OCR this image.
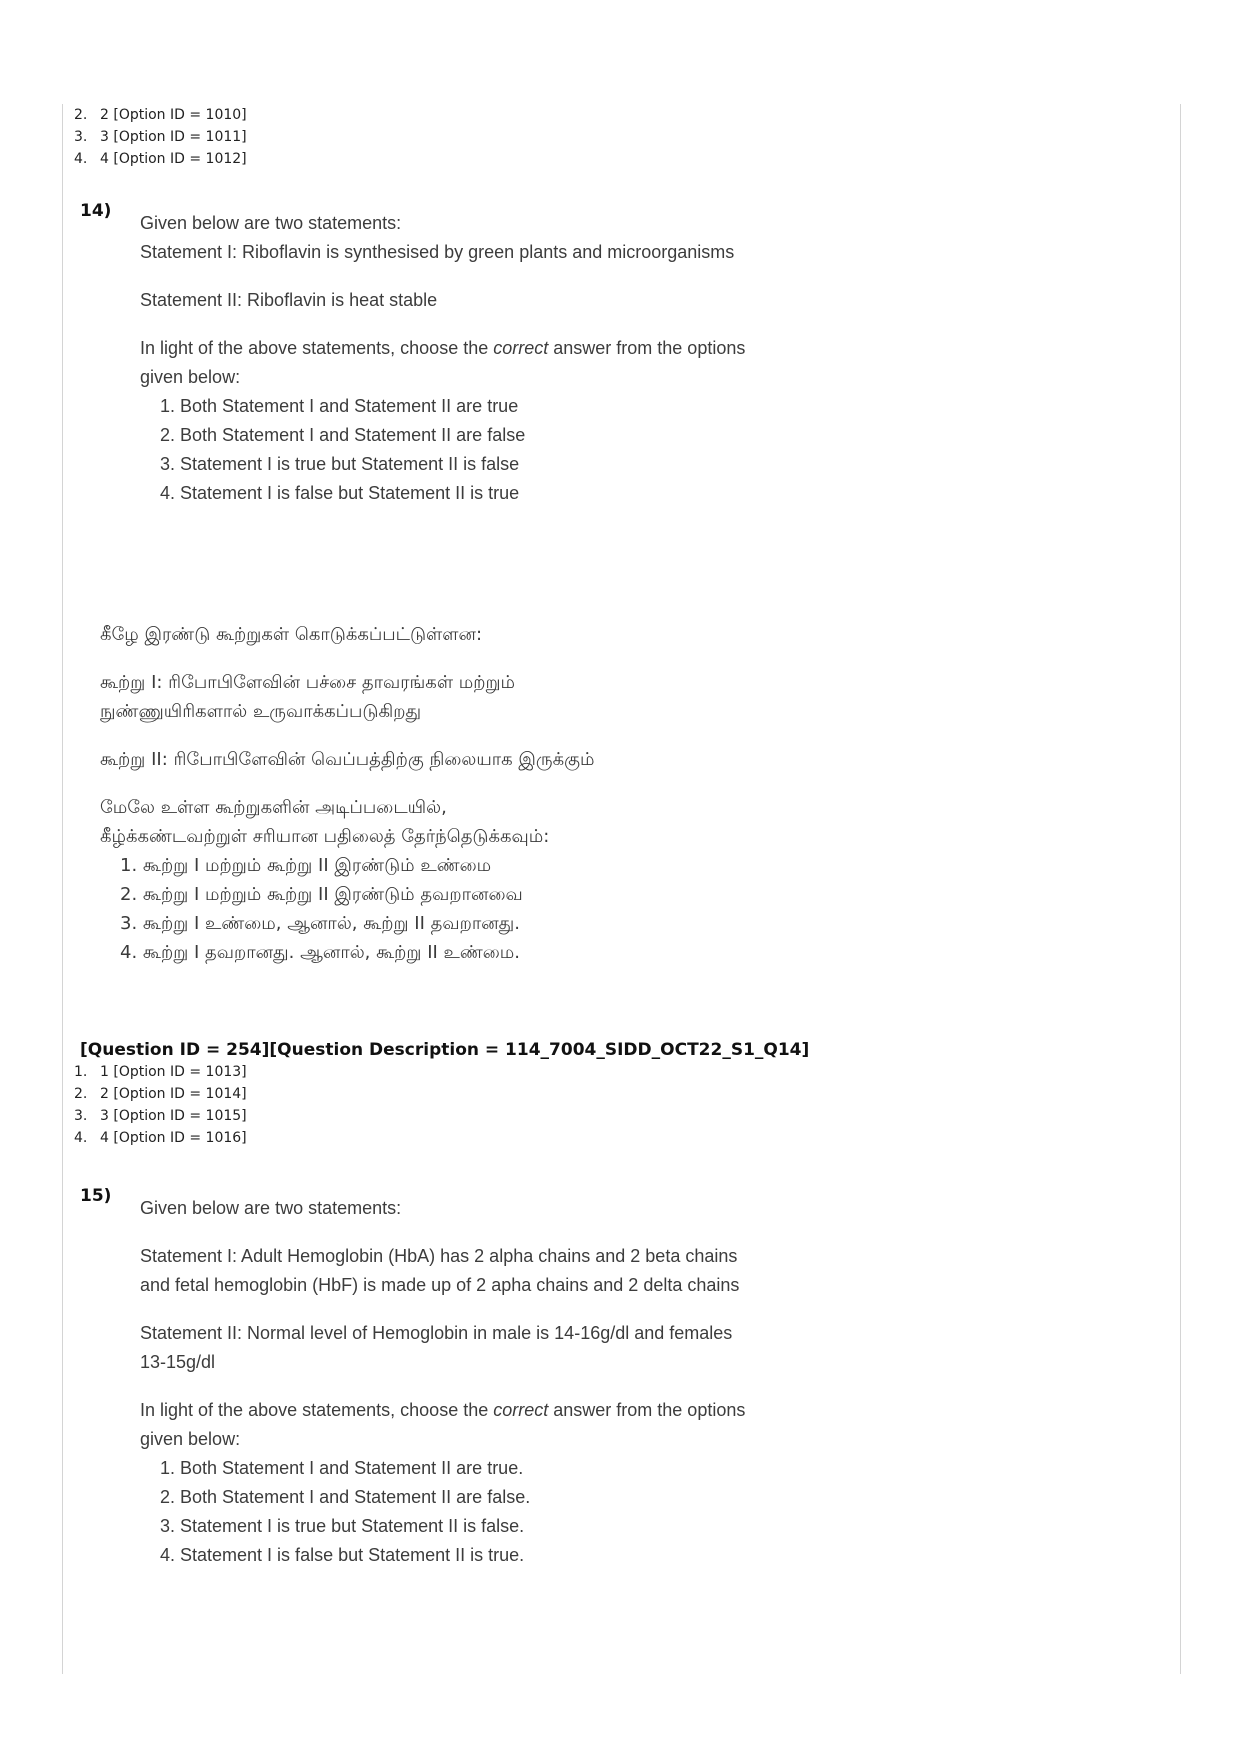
2. 2 [Option ID = 1010]
3. 3 [Option ID = 1011]
4. 4 [Option ID = 1012]
14)

Given below are two statements:

Statement I: Riboflavin is synthesised by green plants and microorganisms

Statement II: Riboflavin is heat stable

In light of the above statements, choose the correct answer from the options given below:

1. Both Statement I and Statement II are true
2. Both Statement I and Statement II are false
3. Statement I is true but Statement II is false
4. Statement I is false but Statement II is true

கீழே இரண்டு கூற்றுகள் கொடுக்கப்பட்டுள்ளன:

கூற்று I: ரிபோபிளேவின் பச்சை தாவரங்கள் மற்றும்
நுண்ணுயிரிகளால் உருவாக்கப்படுகிறது

கூற்று II: ரிபோபிளேவின் வெப்பத்திற்கு நிலையாக இருக்கும்

மேலே உள்ள கூற்றுகளின் அடிப்படையில்,
கீழ்க்கண்டவற்றுள் சரியான பதிலைத் தேர்ந்தெடுக்கவும்:

1. கூற்று I மற்றும் கூற்று II இரண்டும் உண்மை
2. கூற்று I மற்றும் கூற்று II இரண்டும் தவறானவை
3. கூற்று I உண்மை, ஆனால், கூற்று II தவறானது.
4. கூற்று I தவறானது. ஆனால், கூற்று II உண்மை.
[Question ID = 254][Question Description = 114_7004_SIDD_OCT22_S1_Q14]
1. 1 [Option ID = 1013]
2. 2 [Option ID = 1014]
3. 3 [Option ID = 1015]
4. 4 [Option ID = 1016]
15)

Given below are two statements:

Statement I: Adult Hemoglobin (HbA) has 2 alpha chains and 2 beta chains and fetal hemoglobin (HbF) is made up of 2 apha chains and 2 delta chains

Statement II: Normal level of Hemoglobin in male is 14-16g/dl and females 13-15g/dl

In light of the above statements, choose the correct answer from the options given below:

1. Both Statement I and Statement II are true.
2. Both Statement I and Statement II are false.
3. Statement I is true but Statement II is false.
4. Statement I is false but Statement II is true.
